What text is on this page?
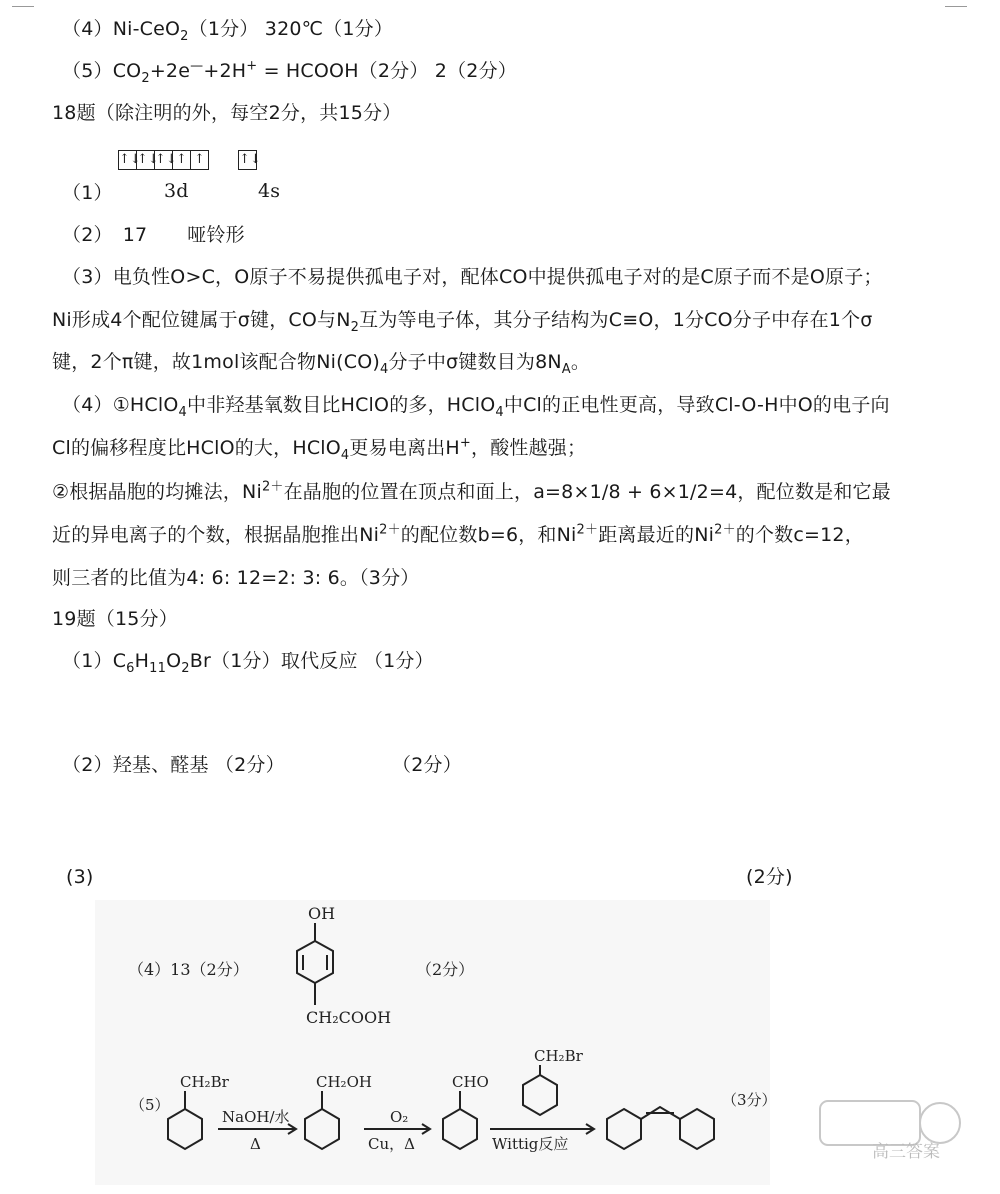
（4）Ni-CeO$_2$（1分） 320℃（1分）
$(5)CO_2+2e^—+2H^+$ = HCOOH（2分） 2（2分）
18题（除注明的外，每空2分，共15分）
↑↓↑↓↑↓↑ ↑	↑↓
（1）	3d	4s
（2） 17 哑铃形
（3）电负性O>C，O原子不易提供孤电子对，配体CO中提供孤电子对的是C原子而不是O原子；
Ni形成4个配位键属于σ键，CO与$N_2$互为等电子体，其分子结构为C≡O，1分CO分子中存在1个σ
键，2个π键，故1mol该配合物$Ni(CO)_4$分子中σ键数目为$8N_A$。
（4）①HClO$_4$中非羟基氧数目比HClO的多，HClO$_4$中Cl的正电性更高，导致Cl-O-H中O的电子向
Cl的偏移程度比HClO的大，HClO$_4$更易电离出H+，酸性越强；
②根据晶胞的均摊法，$Ni^{2+}$在晶胞的位置在顶点和面上，a=8×1/8 + 6×1/2=4，配位数是和它最
近的异电离子的个数，根据晶胞推出$Ni^{2+}$的配位数b=6，和$Ni^{2+}$距离最近的$Ni^{2+}$的个数c=12，
则三者的比值为4: 6: 12=2: 3: 6。（3分）
19题（15分）
$(1)C_6H_{11}O_2Br(1$分）取代反应 （1分）
（2）羟基、醛基 （2分）	（2分）
(3)	(2分)
（4）13（2分）
OH
CH₂COOH
（2分）
（5）
CH₂Br	CH₂OH	CHO
CH₂Br
NaOH/水
Δ
O₂
Cu，Δ	Wittig反应
（3分）
高三答案
